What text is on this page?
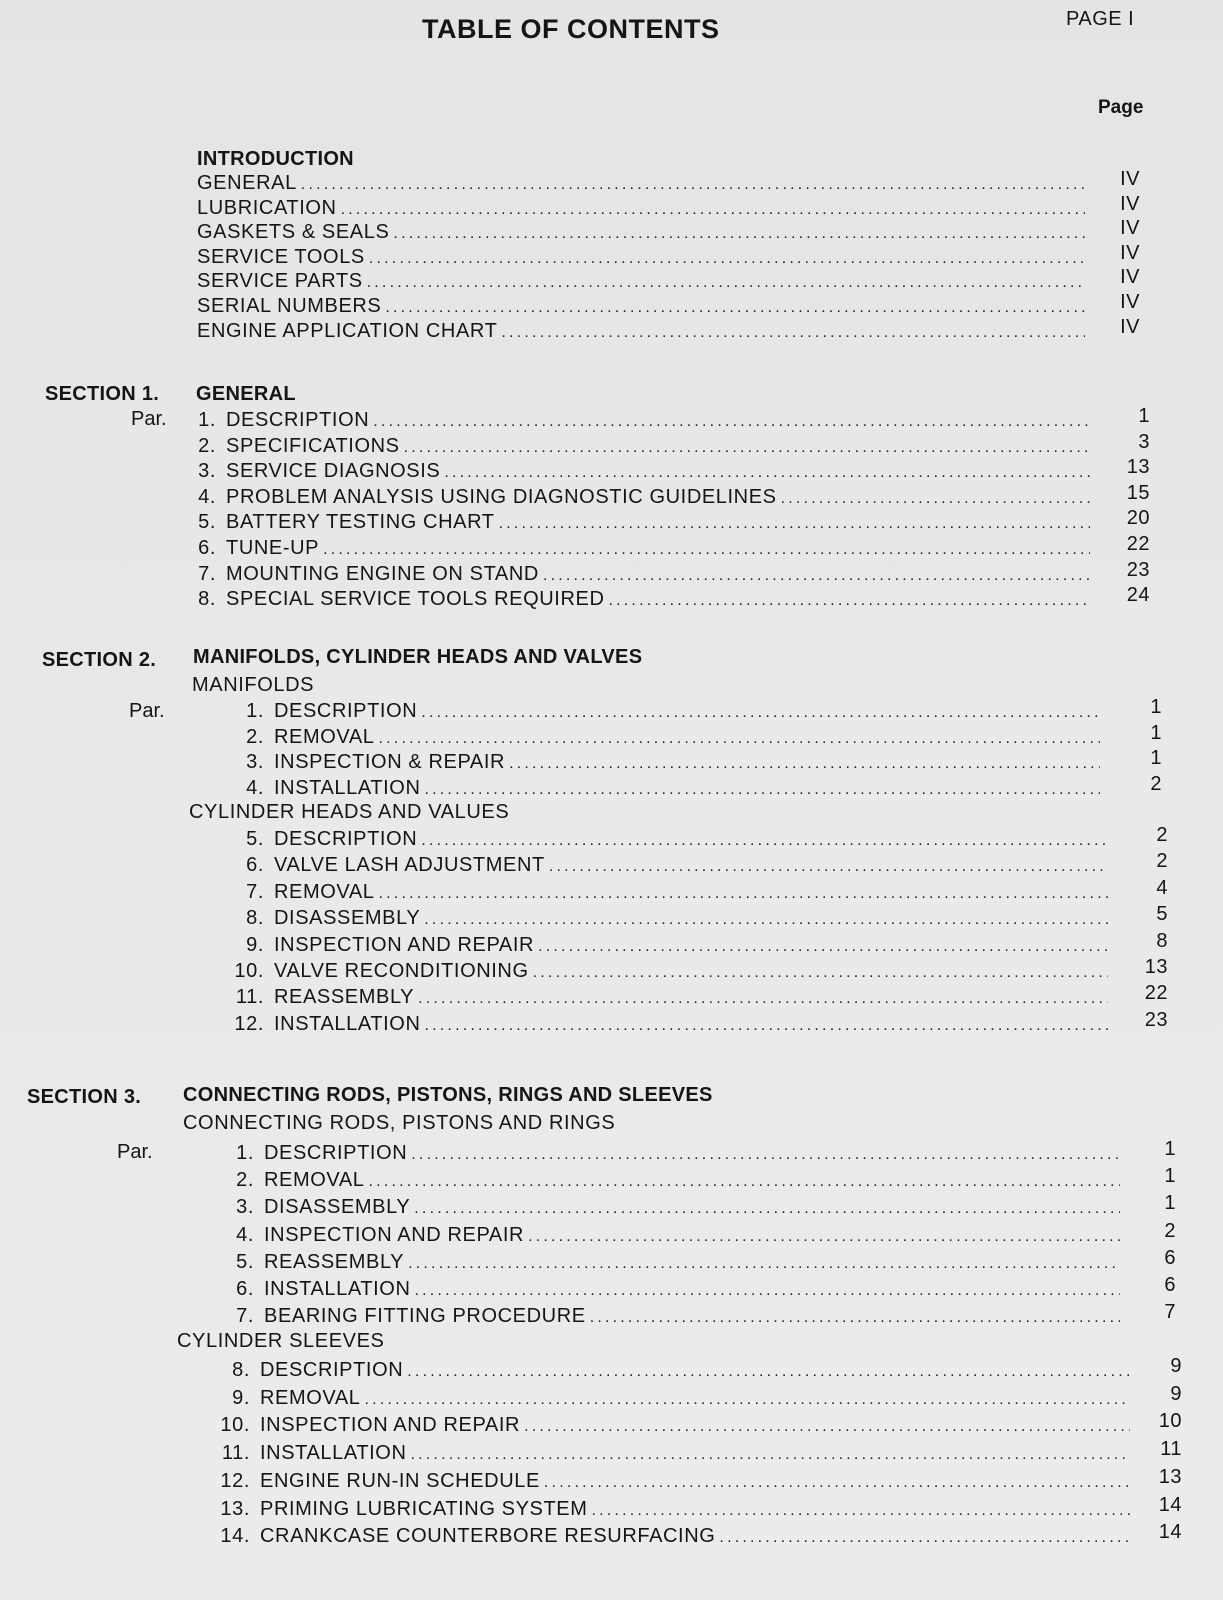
TABLE OF CONTENTS	PAGE I
Page
INTRODUCTION
GENERAL .....	IV
LUBRICATION .....	IV
GASKETS & SEALS .....	IV
SERVICE TOOLS .....	IV
SERVICE PARTS .....	IV
SERIAL NUMBERS .....	IV
ENGINE APPLICATION CHART .....	IV
SECTION 1. GENERAL
Par.	1. DESCRIPTION .....	1
2. SPECIFICATIONS .....	3
3. SERVICE DIAGNOSIS .....	13
4. PROBLEM ANALYSIS USING DIAGNOSTIC GUIDELINES .....	15
5. BATTERY TESTING CHART .....	20
6. TUNE-UP .....	22
7. MOUNTING ENGINE ON STAND .....	23
8. SPECIAL SERVICE TOOLS REQUIRED .....	24
SECTION 2. MANIFOLDS, CYLINDER HEADS AND VALVES
MANIFOLDS
Par.
CYLINDER HEADS AND VALUES
1. DESCRIPTION .....	1
2. REMOVAL .....	1
3. INSPECTION & REPAIR .....	1
4. INSTALLATION .....	2
5. DESCRIPTION .....	2
6. VALVE LASH ADJUSTMENT .....	2
7. REMOVAL .....	4
8. DISASSEMBLY .....	5
9. INSPECTION AND REPAIR .....	8
10. VALVE RECONDITIONING .....	13
11. REASSEMBLY .....	22
12. INSTALLATION .....	23
SECTION 3. CONNECTING RODS, PISTONS, RINGS AND SLEEVES
CONNECTING RODS, PISTONS AND RINGS
Par.
CYLINDER SLEEVES
1. DESCRIPTION .....	1
2. REMOVAL .....	1
3. DISASSEMBLY .....	1
4. INSPECTION AND REPAIR .....	2
5. REASSEMBLY .....	6
6. INSTALLATION .....	6
7. BEARING FITTING PROCEDURE .....	7
8. DESCRIPTION .....	9
9. REMOVAL .....	9
10. INSPECTION AND REPAIR .....	10
11. INSTALLATION .....	11
12. ENGINE RUN-IN SCHEDULE .....	13
13. PRIMING LUBRICATING SYSTEM .....	14
14. CRANKCASE COUNTERBORE RESURFACING .....	14
